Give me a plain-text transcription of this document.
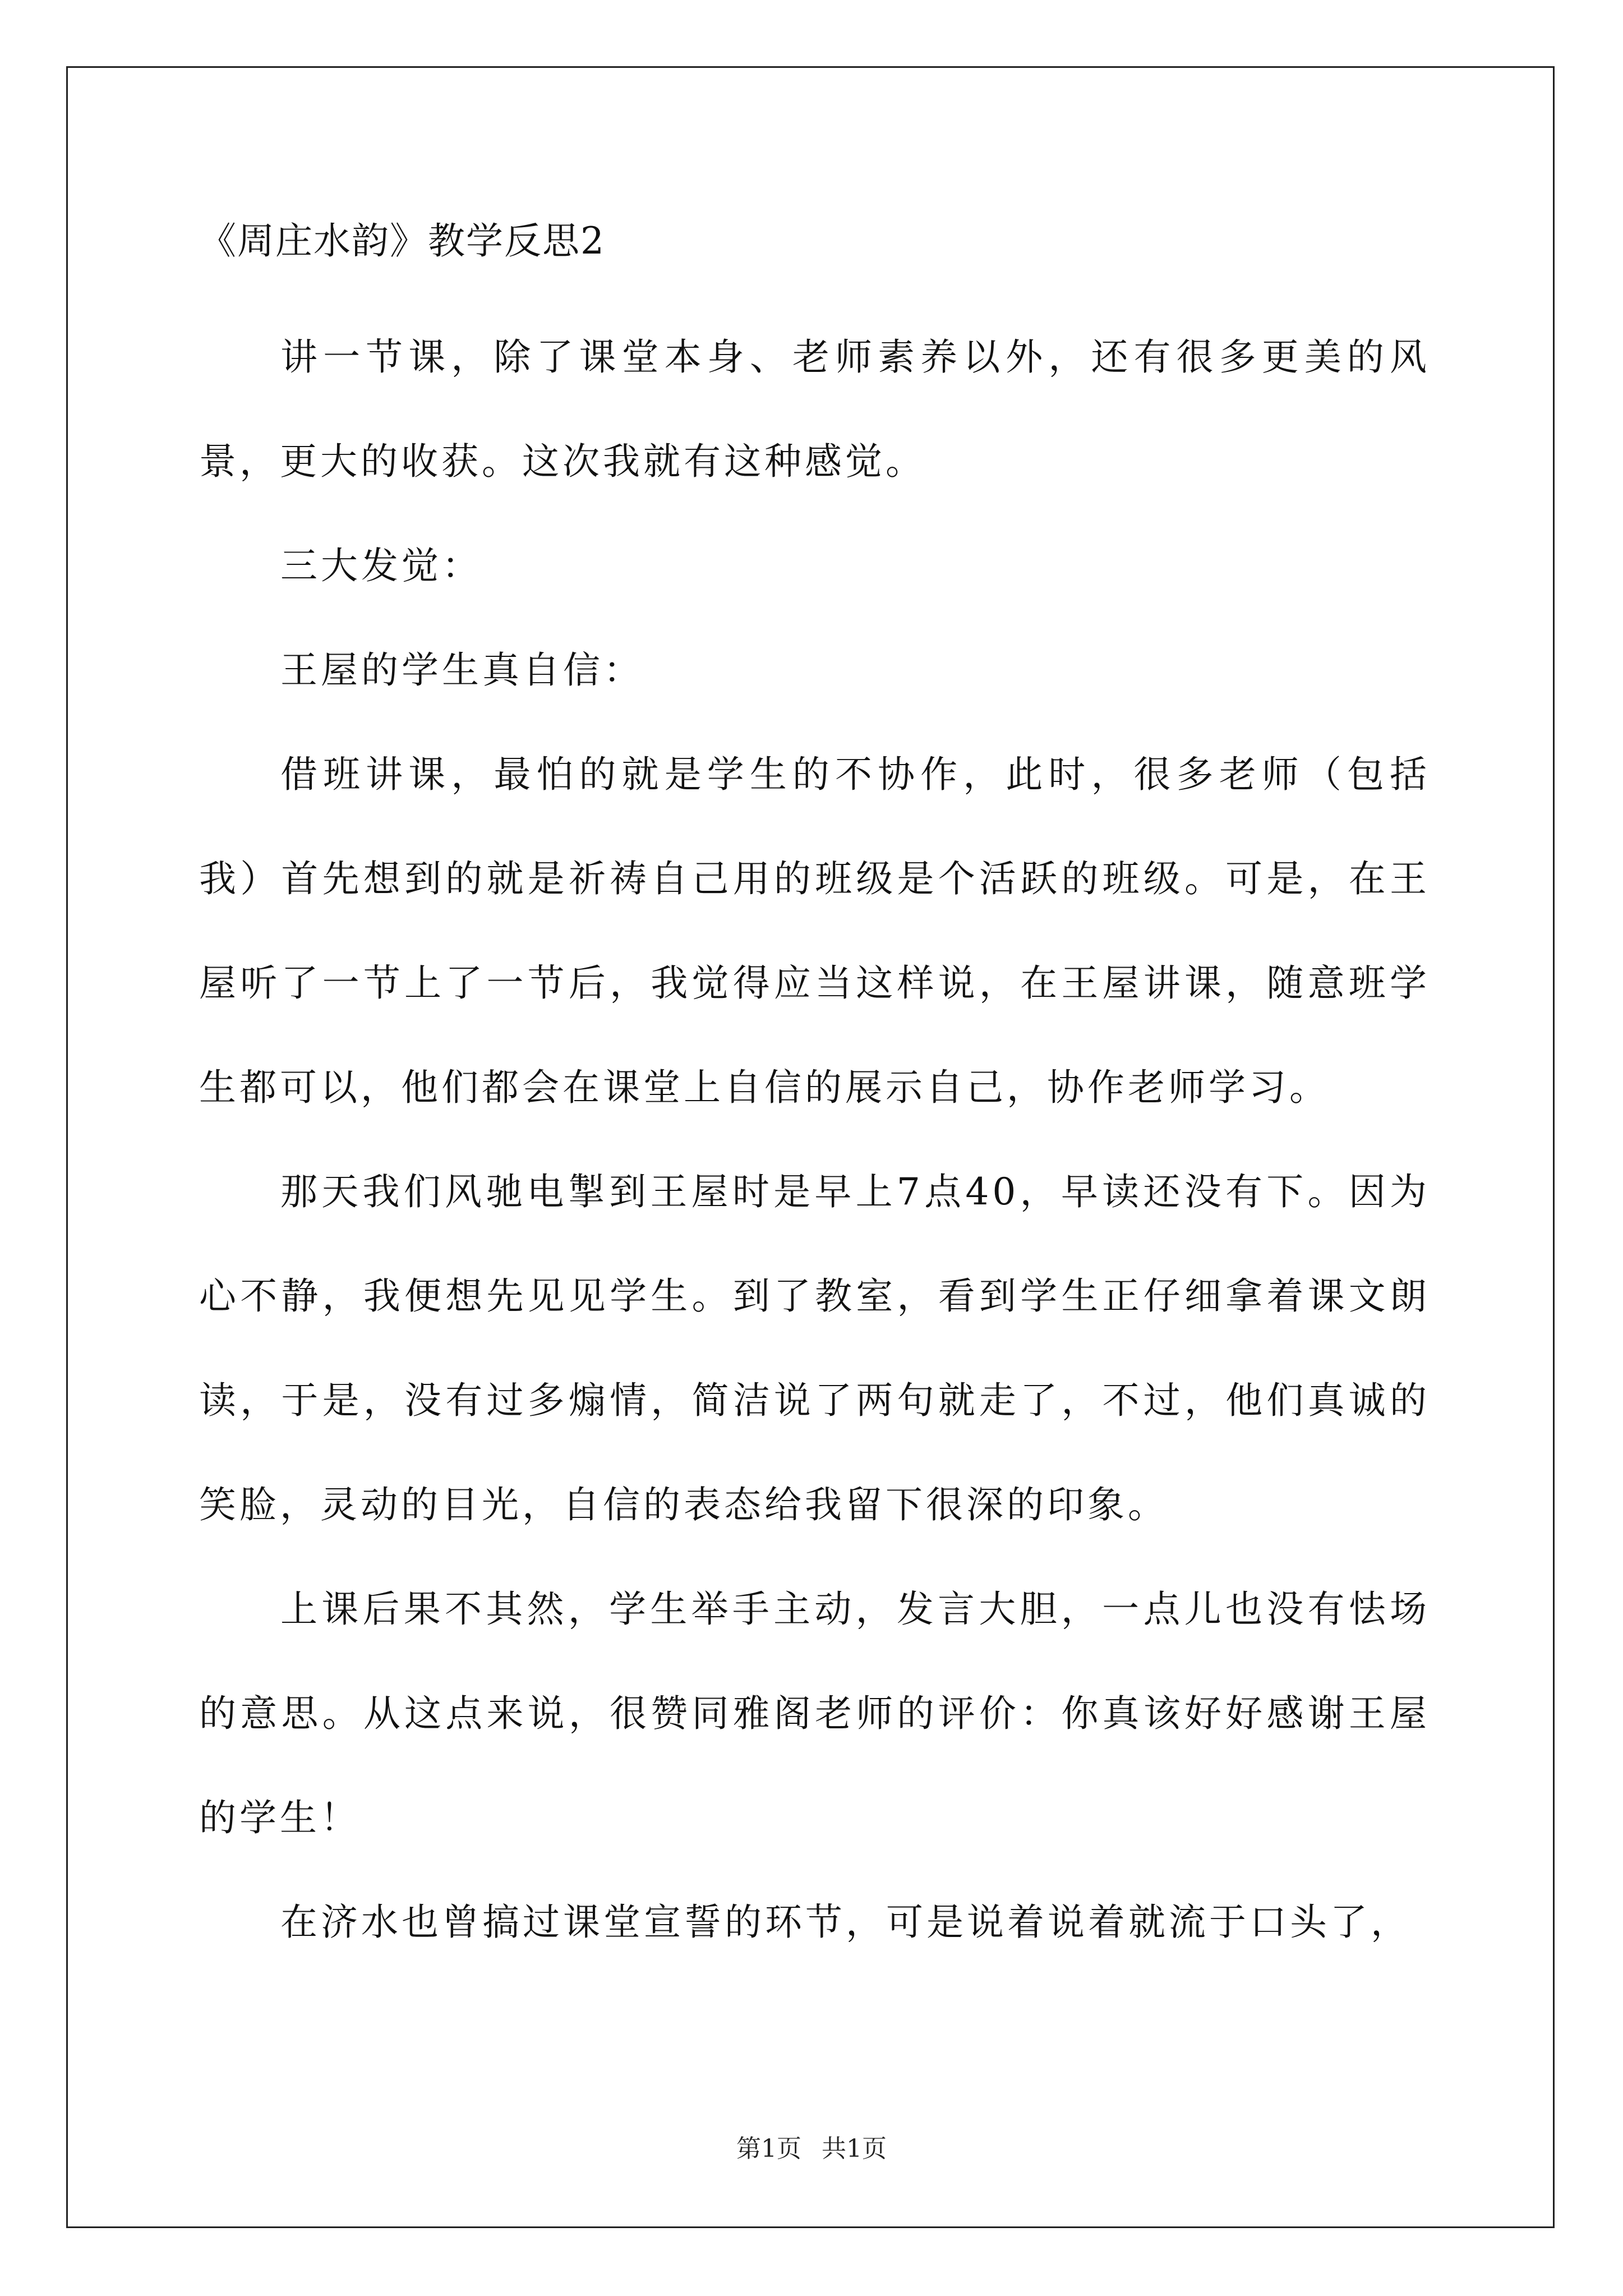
《周庄水韵》教学反思2

讲一节课，除了课堂本身、老师素养以外，还有很多更美的风景，更大的收获。这次我就有这种感觉。

三大发觉：

王屋的学生真自信：

借班讲课，最怕的就是学生的不协作，此时，很多老师（包括我）首先想到的就是祈祷自己用的班级是个活跃的班级。可是，在王屋听了一节上了一节后，我觉得应当这样说，在王屋讲课，随意班学生都可以，他们都会在课堂上自信的展示自己，协作老师学习。

那天我们风驰电掣到王屋时是早上7点40，早读还没有下。因为心不静，我便想先见见学生。到了教室，看到学生正仔细拿着课文朗读，于是，没有过多煽情，简洁说了两句就走了，不过，他们真诚的笑脸，灵动的目光，自信的表态给我留下很深的印象。

上课后果不其然，学生举手主动，发言大胆，一点儿也没有怯场的意思。从这点来说，很赞同雅阁老师的评价：你真该好好感谢王屋的学生！

在济水也曾搞过课堂宣誓的环节，可是说着说着就流于口头了，

第1页 共1页
